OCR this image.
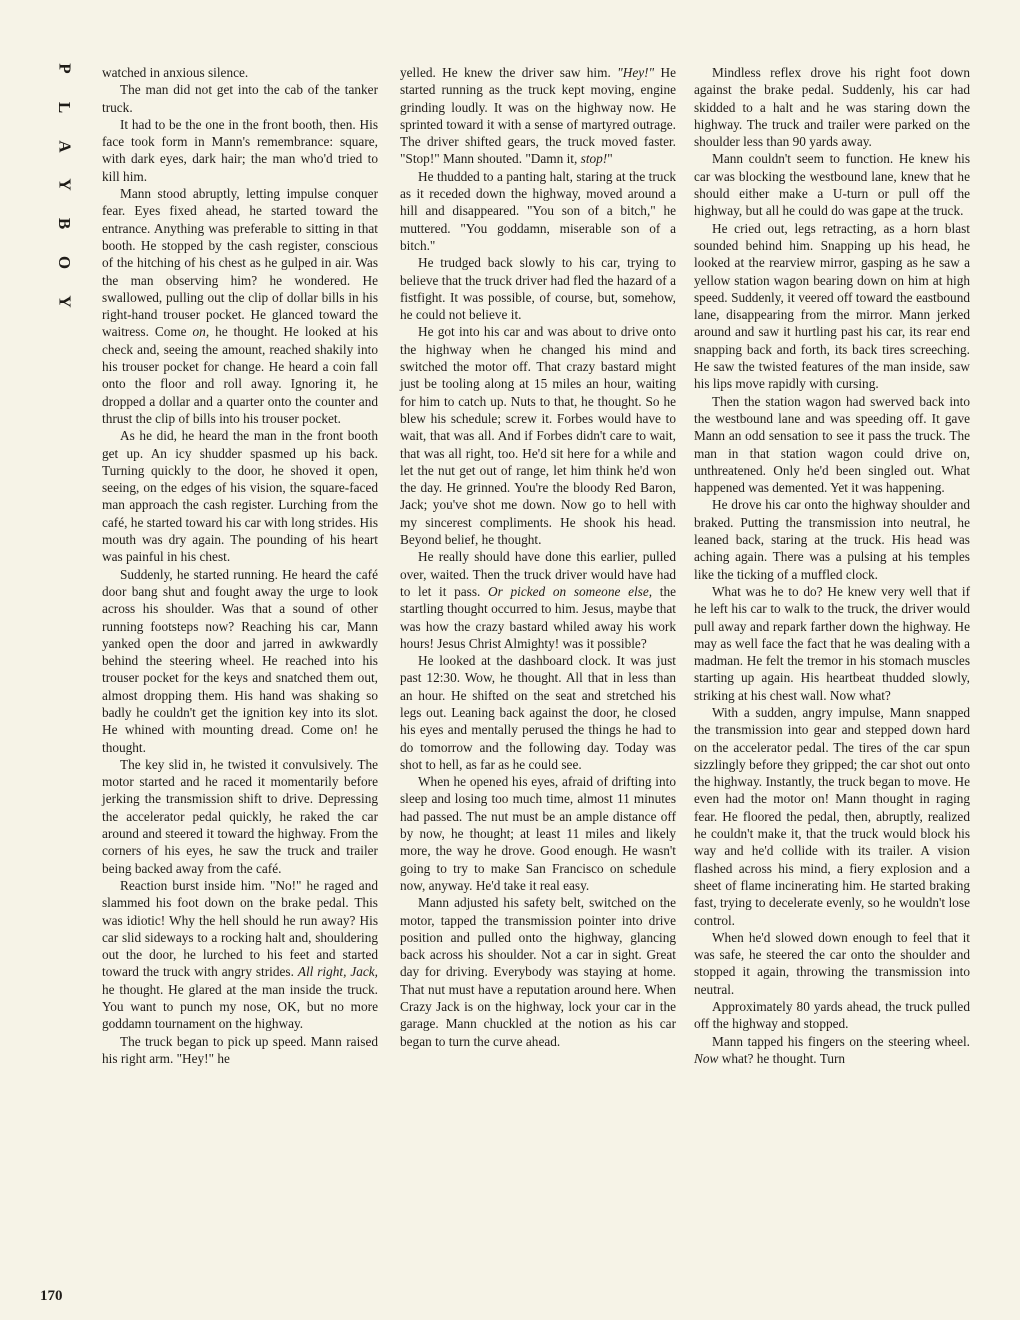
P
L
A
Y
B
O
Y

watched in anxious silence.

The man did not get into the cab of the tanker truck.

It had to be the one in the front booth, then. His face took form in Mann's remembrance: square, with dark eyes, dark hair; the man who'd tried to kill him.

Mann stood abruptly, letting impulse conquer fear. Eyes fixed ahead, he started toward the entrance. Anything was preferable to sitting in that booth. He stopped by the cash register, conscious of the hitching of his chest as he gulped in air. Was the man observing him? he wondered. He swallowed, pulling out the clip of dollar bills in his right-hand trouser pocket. He glanced toward the waitress. Come on, he thought. He looked at his check and, seeing the amount, reached shakily into his trouser pocket for change. He heard a coin fall onto the floor and roll away. Ignoring it, he dropped a dollar and a quarter onto the counter and thrust the clip of bills into his trouser pocket.

As he did, he heard the man in the front booth get up. An icy shudder spasmed up his back. Turning quickly to the door, he shoved it open, seeing, on the edges of his vision, the square-faced man approach the cash register. Lurching from the café, he started toward his car with long strides. His mouth was dry again. The pounding of his heart was painful in his chest.

Suddenly, he started running. He heard the café door bang shut and fought away the urge to look across his shoulder. Was that a sound of other running footsteps now? Reaching his car, Mann yanked open the door and jarred in awkwardly behind the steering wheel. He reached into his trouser pocket for the keys and snatched them out, almost dropping them. His hand was shaking so badly he couldn't get the ignition key into its slot. He whined with mounting dread. Come on! he thought.

The key slid in, he twisted it convulsively. The motor started and he raced it momentarily before jerking the transmission shift to drive. Depressing the accelerator pedal quickly, he raked the car around and steered it toward the highway. From the corners of his eyes, he saw the truck and trailer being backed away from the café.

Reaction burst inside him. "No!" he raged and slammed his foot down on the brake pedal. This was idiotic! Why the hell should he run away? His car slid sideways to a rocking halt and, shouldering out the door, he lurched to his feet and started toward the truck with angry strides. All right, Jack, he thought. He glared at the man inside the truck. You want to punch my nose, OK, but no more goddamn tournament on the highway.

The truck began to pick up speed. Mann raised his right arm. "Hey!" he

yelled. He knew the driver saw him. "Hey!" He started running as the truck kept moving, engine grinding loudly. It was on the highway now. He sprinted toward it with a sense of martyred outrage. The driver shifted gears, the truck moved faster. "Stop!" Mann shouted. "Damn it, stop!"

He thudded to a panting halt, staring at the truck as it receded down the highway, moved around a hill and disappeared. "You son of a bitch," he muttered. "You goddamn, miserable son of a bitch."

He trudged back slowly to his car, trying to believe that the truck driver had fled the hazard of a fistfight. It was possible, of course, but, somehow, he could not believe it.

He got into his car and was about to drive onto the highway when he changed his mind and switched the motor off. That crazy bastard might just be tooling along at 15 miles an hour, waiting for him to catch up. Nuts to that, he thought. So he blew his schedule; screw it. Forbes would have to wait, that was all. And if Forbes didn't care to wait, that was all right, too. He'd sit here for a while and let the nut get out of range, let him think he'd won the day. He grinned. You're the bloody Red Baron, Jack; you've shot me down. Now go to hell with my sincerest compliments. He shook his head. Beyond belief, he thought.

He really should have done this earlier, pulled over, waited. Then the truck driver would have had to let it pass. Or picked on someone else, the startling thought occurred to him. Jesus, maybe that was how the crazy bastard whiled away his work hours! Jesus Christ Almighty! was it possible?

He looked at the dashboard clock. It was just past 12:30. Wow, he thought. All that in less than an hour. He shifted on the seat and stretched his legs out. Leaning back against the door, he closed his eyes and mentally perused the things he had to do tomorrow and the following day. Today was shot to hell, as far as he could see.

When he opened his eyes, afraid of drifting into sleep and losing too much time, almost 11 minutes had passed. The nut must be an ample distance off by now, he thought; at least 11 miles and likely more, the way he drove. Good enough. He wasn't going to try to make San Francisco on schedule now, anyway. He'd take it real easy.

Mann adjusted his safety belt, switched on the motor, tapped the transmission pointer into drive position and pulled onto the highway, glancing back across his shoulder. Not a car in sight. Great day for driving. Everybody was staying at home. That nut must have a reputation around here. When Crazy Jack is on the highway, lock your car in the garage. Mann chuckled at the notion as his car began to turn the curve ahead.

Mindless reflex drove his right foot down against the brake pedal. Suddenly, his car had skidded to a halt and he was staring down the highway. The truck and trailer were parked on the shoulder less than 90 yards away.

Mann couldn't seem to function. He knew his car was blocking the westbound lane, knew that he should either make a U-turn or pull off the highway, but all he could do was gape at the truck.

He cried out, legs retracting, as a horn blast sounded behind him. Snapping up his head, he looked at the rearview mirror, gasping as he saw a yellow station wagon bearing down on him at high speed. Suddenly, it veered off toward the eastbound lane, disappearing from the mirror. Mann jerked around and saw it hurtling past his car, its rear end snapping back and forth, its back tires screeching. He saw the twisted features of the man inside, saw his lips move rapidly with cursing.

Then the station wagon had swerved back into the westbound lane and was speeding off. It gave Mann an odd sensation to see it pass the truck. The man in that station wagon could drive on, unthreatened. Only he'd been singled out. What happened was demented. Yet it was happening.

He drove his car onto the highway shoulder and braked. Putting the transmission into neutral, he leaned back, staring at the truck. His head was aching again. There was a pulsing at his temples like the ticking of a muffled clock.

What was he to do? He knew very well that if he left his car to walk to the truck, the driver would pull away and repark farther down the highway. He may as well face the fact that he was dealing with a madman. He felt the tremor in his stomach muscles starting up again. His heartbeat thudded slowly, striking at his chest wall. Now what?

With a sudden, angry impulse, Mann snapped the transmission into gear and stepped down hard on the accelerator pedal. The tires of the car spun sizzlingly before they gripped; the car shot out onto the highway. Instantly, the truck began to move. He even had the motor on! Mann thought in raging fear. He floored the pedal, then, abruptly, realized he couldn't make it, that the truck would block his way and he'd collide with its trailer. A vision flashed across his mind, a fiery explosion and a sheet of flame incinerating him. He started braking fast, trying to decelerate evenly, so he wouldn't lose control.

When he'd slowed down enough to feel that it was safe, he steered the car onto the shoulder and stopped it again, throwing the transmission into neutral.

Approximately 80 yards ahead, the truck pulled off the highway and stopped.

Mann tapped his fingers on the steering wheel. Now what? he thought. Turn

170
